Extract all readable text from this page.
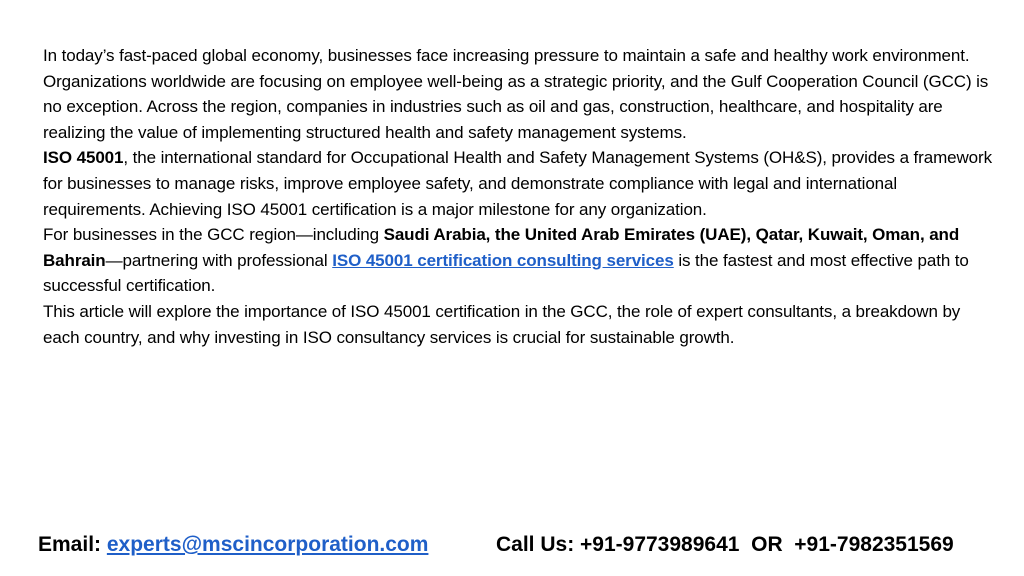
In today’s fast-paced global economy, businesses face increasing pressure to maintain a safe and healthy work environment. Organizations worldwide are focusing on employee well-being as a strategic priority, and the Gulf Cooperation Council (GCC) is no exception. Across the region, companies in industries such as oil and gas, construction, healthcare, and hospitality are realizing the value of implementing structured health and safety management systems.

ISO 45001, the international standard for Occupational Health and Safety Management Systems (OH&S), provides a framework for businesses to manage risks, improve employee safety, and demonstrate compliance with legal and international requirements. Achieving ISO 45001 certification is a major milestone for any organization.

For businesses in the GCC region—including Saudi Arabia, the United Arab Emirates (UAE), Qatar, Kuwait, Oman, and Bahrain—partnering with professional ISO 45001 certification consulting services is the fastest and most effective path to successful certification.

This article will explore the importance of ISO 45001 certification in the GCC, the role of expert consultants, a breakdown by each country, and why investing in ISO consultancy services is crucial for sustainable growth.

Email: experts@mscincorporation.com	Call Us: +91-9773989641  OR  +91-7982351569
